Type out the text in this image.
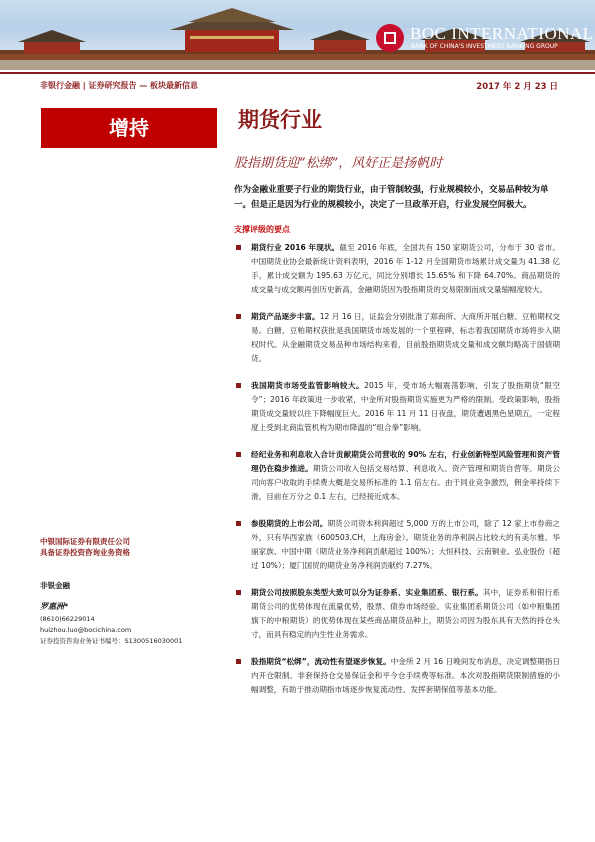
BOC INTERNATIONAL
BANK OF CHINA'S INVESTMENT BANKING GROUP
非银行金融 | 证券研究报告 — 板块最新信息	2017 年 2 月 23 日
增持	期货行业
股指期货迎“松绑”，风好正是扬帆时

作为金融业重要子行业的期货行业，由于管制较强，行业规模较小，交易品种较为单一。但是正是因为行业的规模较小，决定了一旦政革开启，行业发展空间极大。

支撑评级的要点
期货行业 2016 年现状。截至 2016 年底，全国共有 150 家期货公司，分布于 30 省市。中国期货业协会最新统计资料表明，2016 年 1-12 月全国期货市场累计成交量为 41.38 亿手，累计成交额为 195.63 万亿元，同比分别增长 15.65% 和下降 64.70%。商品期货的成交量与成交额再创历史新高，金融期货因为股指期货的交易限制而成交量缩幅度较大。
期货产品逐步丰富。12 月 16 日，证监会分别批准了郑商所、大商所开展白糖、豆粕期权交易。白糖、豆粕期权获批是我国期货市场发展的一个里程碑，标志着我国期货市场将步入期权时代。从金融期货交易品种市场结构来看，目前股指期货成交量和成交额均略高于国债期货。
我国期货市场受监管影响较大。2015 年，受市场大幅震荡影响，引发了股指期货“限空令”；2016 年政策进一步收紧，中金所对股指期货实施更为严格的限制。受政策影响，股指期货成交量较以往下降幅度巨大。2016 年 11 月 11 日夜盘，期货遭遇黑色星期五，一定程度上受到北商监管机构为期市降温的“组合拳”影响。
经纪业务和利息收入合计贡献期货公司营收的 90% 左右，行业创新特型风险管理和资产管理仍在稳步推进。期货公司收入包括交易结算、利息收入、资产管理和期货自营等。期货公司向客户收取的手续费大概是交易所标准的 1.1 倍左右。由于同业竞争激烈，佣金率持续下滑，目前在万分之 0.1 左右，已经接近成本。
参股期货的上市公司。期货公司资本利润超过 5,000 万的上市公司，除了 12 家上市券商之外，只有华西家族（600503.CH，上海房金）。期货业务的净利润占比较大的有美尔雅、华丽家族、中国中期（期货业务净利润贡献超过 100%）；大恒科技、云南铜业、弘业股份（超过 10%）；厦门国贸的期货业务净利润贡献约 7.27%。
期货公司按照股东类型大致可以分为证券系、实业集团系、银行系。其中，证券系和银行系期货公司的优势体现在流量优势，股票、债券市场经验。实业集团系期货公司（如中粮集团旗下的中粮期货）的优势体现在某些商品期货品种上，期货公司因为股东具有天然的持仓头寸，而具有稳定的内生性业务需求。
股指期货“松绑”，流动性有望逐步恢复。中金所 2 月 16 日晚间发布消息，决定调整期指日内开仓限制、非套保持仓交易保证金和平今仓手续费等标准。本次对股指期货限制措施的小幅调整，有助于推动期指市场逐步恢复流动性、发挥套期保值等基本功能。
中银国际证券有限责任公司
具备证券投资咨询业务资格
非银金融
罗惠洲*
(8610)66229014
huizhou.luo@bocichina.com
证券投资咨询业务证书编号：S1300516030001
